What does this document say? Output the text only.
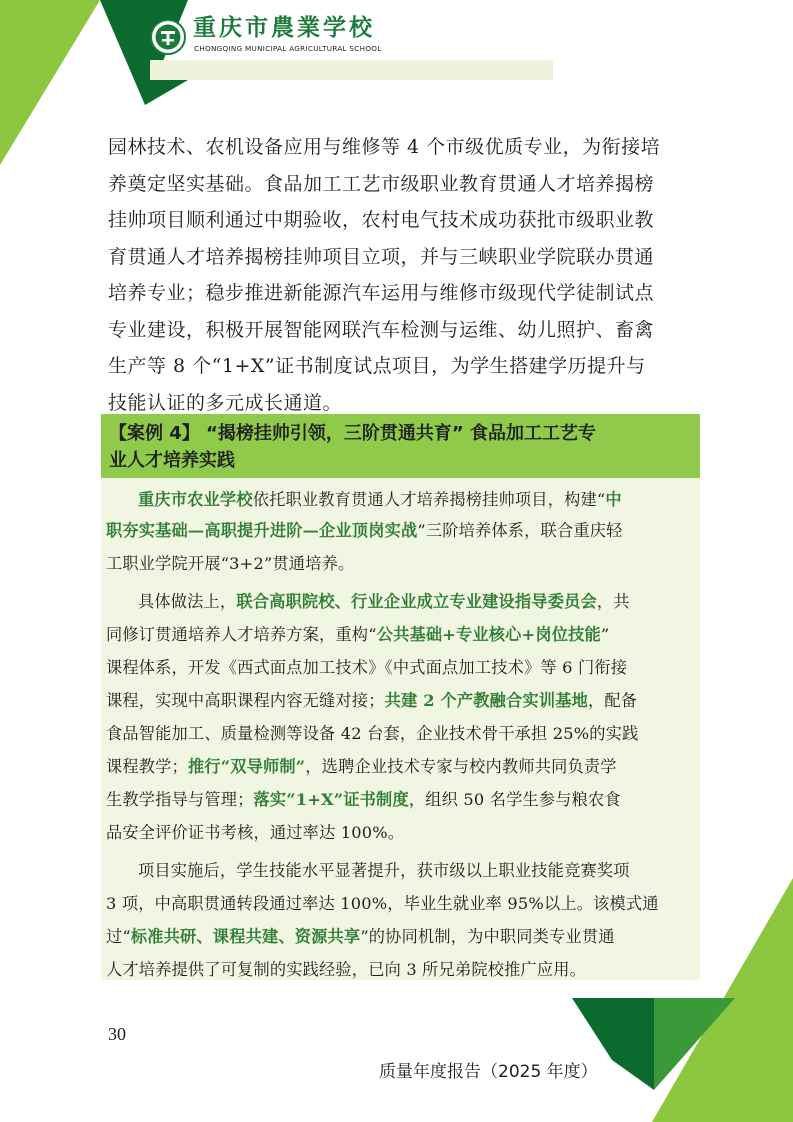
重庆市農業学校
CHONGQING MUNICIPAL AGRICULTURAL SCHOOL
园林技术、农机设备应用与维修等 4 个市级优质专业，为衔接培
养奠定坚实基础。食品加工工艺市级职业教育贯通人才培养揭榜
挂帅项目顺利通过中期验收，农村电气技术成功获批市级职业教
育贯通人才培养揭榜挂帅项目立项，并与三峡职业学院联办贯通
培养专业；稳步推进新能源汽车运用与维修市级现代学徒制试点
专业建设，积极开展智能网联汽车检测与运维、幼儿照护、畜禽
生产等 8 个“1+X”证书制度试点项目，为学生搭建学历提升与
技能认证的多元成长通道。
【案例 4】 “揭榜挂帅引领，三阶贯通共育” 食品加工工艺专
业人才培养实践
重庆市农业学校依托职业教育贯通人才培养揭榜挂帅项目，构建“中
职夯实基础—高职提升进阶—企业顶岗实战”三阶培养体系，联合重庆轻
工职业学院开展“3+2”贯通培养。
具体做法上，联合高职院校、行业企业成立专业建设指导委员会，共
同修订贯通培养人才培养方案，重构“公共基础+专业核心+岗位技能”
课程体系，开发《西式面点加工技术》《中式面点加工技术》等 6 门衔接
课程，实现中高职课程内容无缝对接；共建 2 个产教融合实训基地，配备
食品智能加工、质量检测等设备 42 台套，企业技术骨干承担 25%的实践
课程教学；推行“双导师制”，选聘企业技术专家与校内教师共同负责学
生教学指导与管理；落实“1+X”证书制度，组织 50 名学生参与粮农食
品安全评价证书考核，通过率达 100%。
项目实施后，学生技能水平显著提升，获市级以上职业技能竞赛奖项
3 项，中高职贯通转段通过率达 100%，毕业生就业率 95%以上。该模式通
过“标准共研、课程共建、资源共享”的协同机制，为中职同类专业贯通
人才培养提供了可复制的实践经验，已向 3 所兄弟院校推广应用。
30
质量年度报告（2025 年度）
